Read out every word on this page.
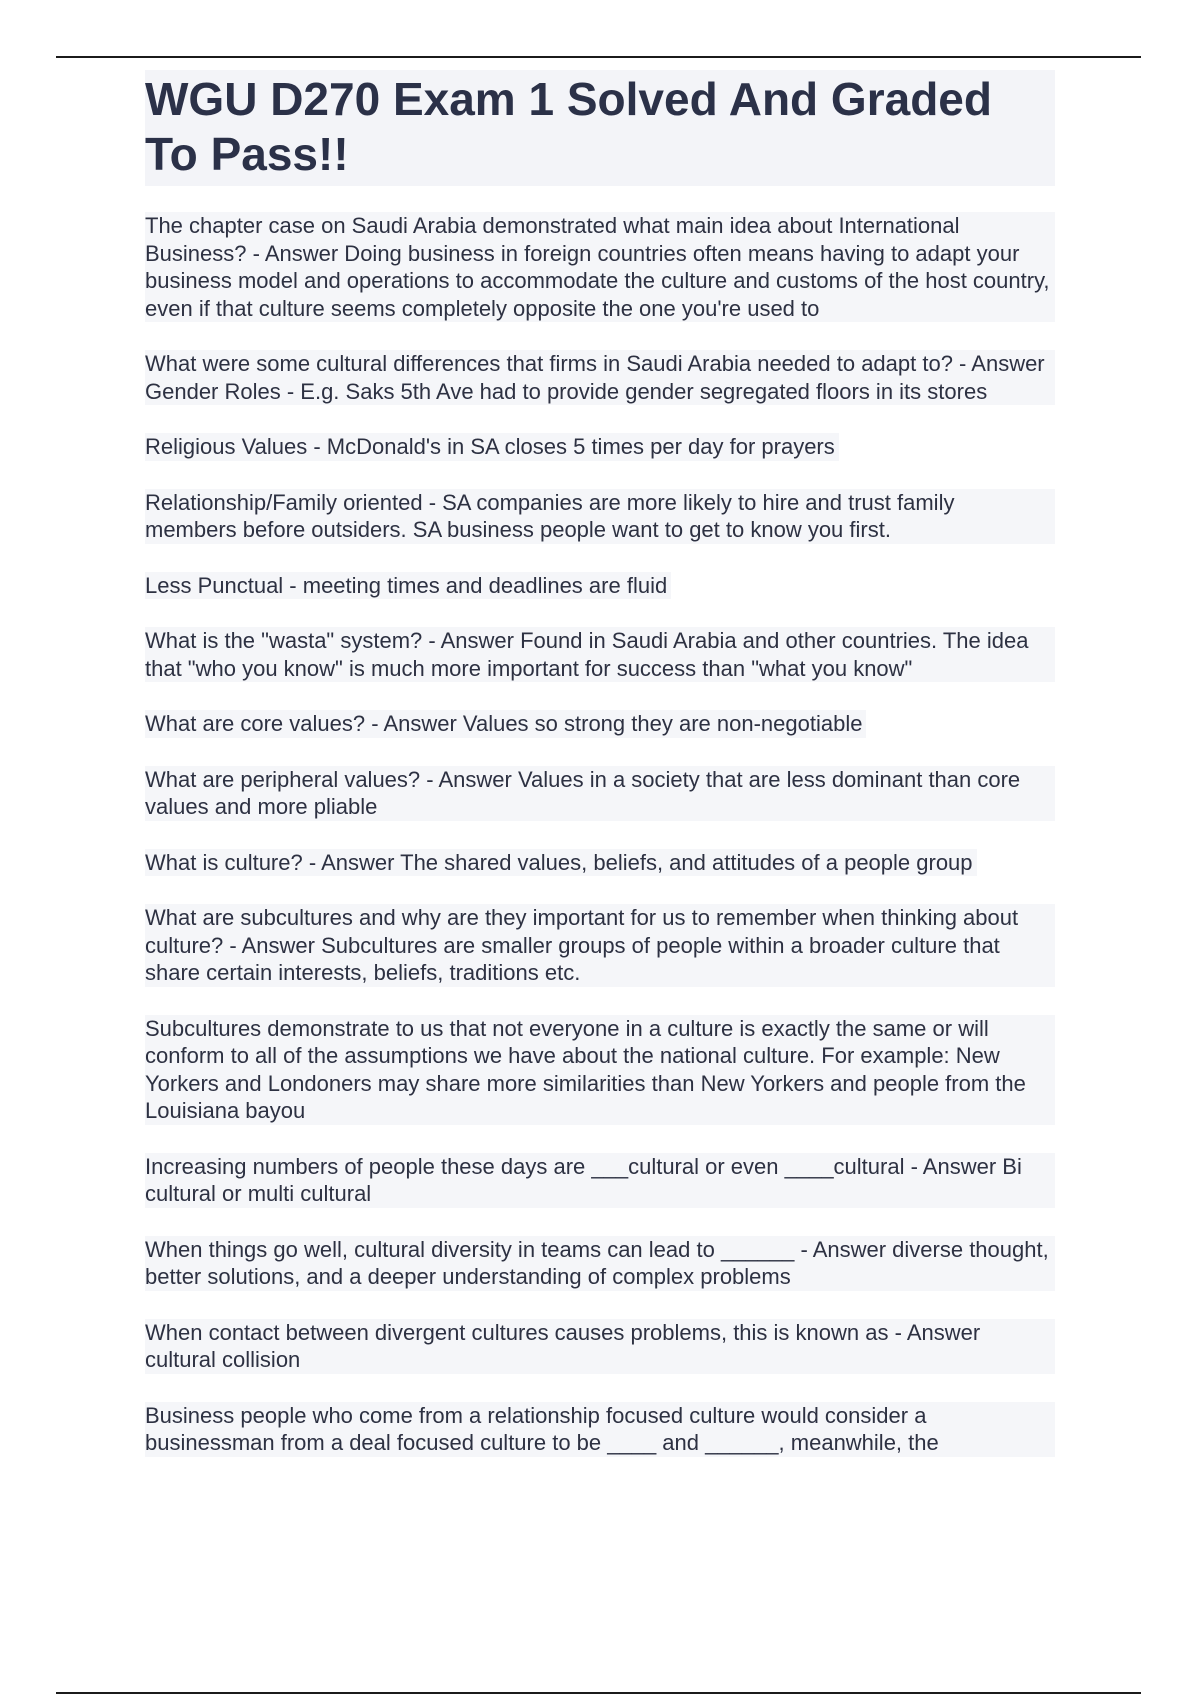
WGU D270 Exam 1 Solved And Graded To Pass!!

The chapter case on Saudi Arabia demonstrated what main idea about International Business? - Answer Doing business in foreign countries often means having to adapt your business model and operations to accommodate the culture and customs of the host country, even if that culture seems completely opposite the one you're used to

What were some cultural differences that firms in Saudi Arabia needed to adapt to? - Answer Gender Roles - E.g. Saks 5th Ave had to provide gender segregated floors in its stores

Religious Values - McDonald's in SA closes 5 times per day for prayers

Relationship/Family oriented - SA companies are more likely to hire and trust family members before outsiders. SA business people want to get to know you first.

Less Punctual - meeting times and deadlines are fluid

What is the "wasta" system? - Answer Found in Saudi Arabia and other countries. The idea that "who you know" is much more important for success than "what you know"

What are core values? - Answer Values so strong they are non-negotiable

What are peripheral values? - Answer Values in a society that are less dominant than core values and more pliable

What is culture? - Answer The shared values, beliefs, and attitudes of a people group

What are subcultures and why are they important for us to remember when thinking about culture? - Answer Subcultures are smaller groups of people within a broader culture that share certain interests, beliefs, traditions etc.

Subcultures demonstrate to us that not everyone in a culture is exactly the same or will conform to all of the assumptions we have about the national culture. For example: New Yorkers and Londoners may share more similarities than New Yorkers and people from the Louisiana bayou

Increasing numbers of people these days are ___cultural or even ____cultural - Answer Bi cultural or multi cultural

When things go well, cultural diversity in teams can lead to ______ - Answer diverse thought, better solutions, and a deeper understanding of complex problems

When contact between divergent cultures causes problems, this is known as - Answer cultural collision

Business people who come from a relationship focused culture would consider a businessman from a deal focused culture to be ____ and ______, meanwhile, the
